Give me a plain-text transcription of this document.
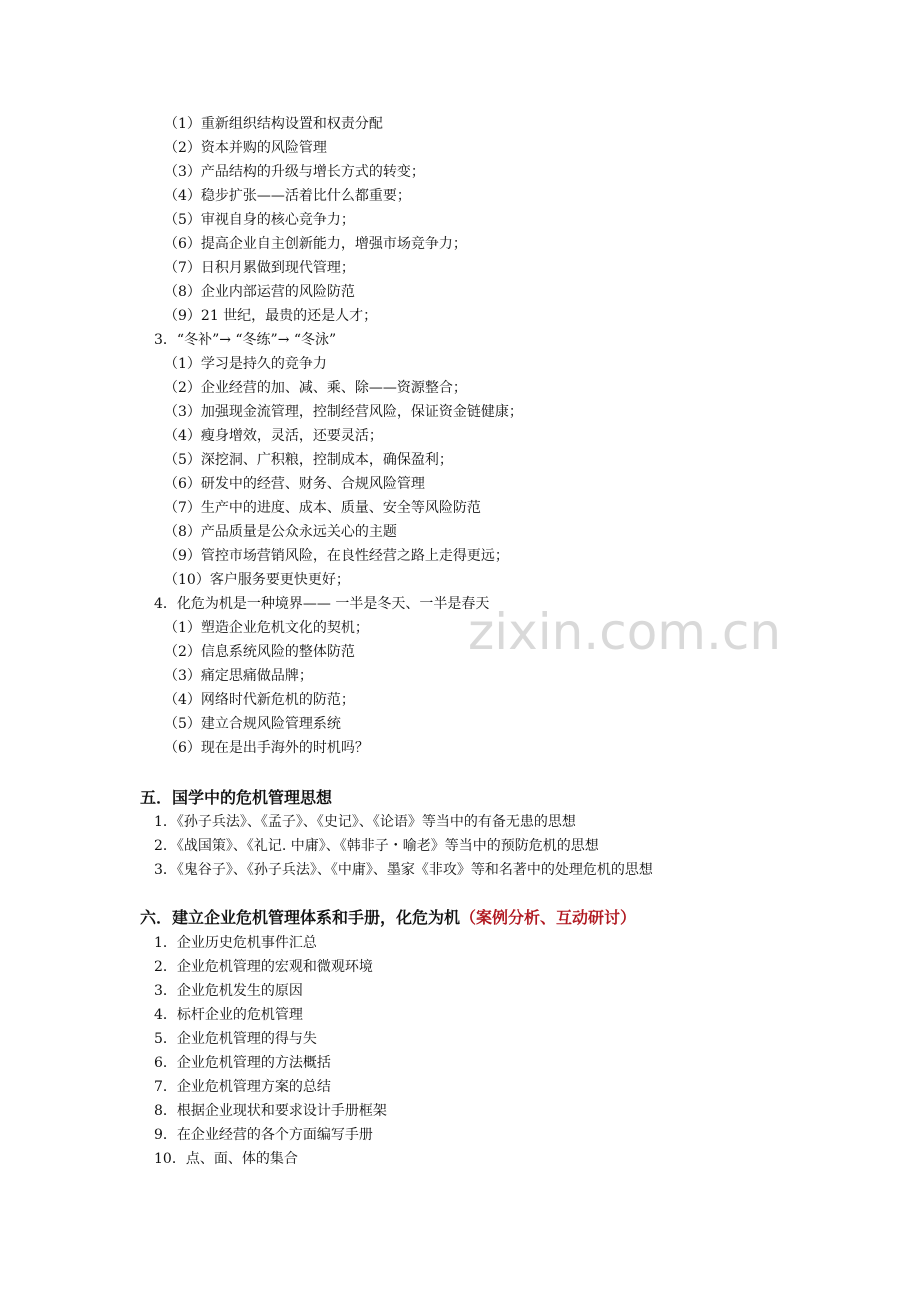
zixin.com.cn
（1）重新组织结构设置和权责分配
（2）资本并购的风险管理
（3）产品结构的升级与增长方式的转变；
（4）稳步扩张——活着比什么都重要；
（5）审视自身的核心竞争力；
（6）提高企业自主创新能力，增强市场竞争力；
（7）日积月累做到现代管理；
（8）企业内部运营的风险防范
（9）21 世纪，最贵的还是人才；
3．“冬补”→ “冬练”→ “冬泳”
（1）学习是持久的竞争力
（2）企业经营的加、减、乘、除——资源整合；
（3）加强现金流管理，控制经营风险，保证资金链健康；
（4）瘦身增效，灵活，还要灵活；
（5）深挖洞、广积粮，控制成本，确保盈利；
（6）研发中的经营、财务、合规风险管理
（7）生产中的进度、成本、质量、安全等风险防范
（8）产品质量是公众永远关心的主题
（9）管控市场营销风险，在良性经营之路上走得更远；
（10）客户服务要更快更好；
4．化危为机是一种境界—— 一半是冬天、一半是春天
（1）塑造企业危机文化的契机；
（2）信息系统风险的整体防范
（3）痛定思痛做品牌；
（4）网络时代新危机的防范；
（5）建立合规风险管理系统
（6）现在是出手海外的时机吗？
五．国学中的危机管理思想
1．《孙子兵法》、《孟子》、《史记》、《论语》等当中的有备无患的思想
2．《战国策》、《礼记. 中庸》、《韩非子・喻老》等当中的预防危机的思想
3．《鬼谷子》、《孙子兵法》、《中庸》、墨家《非攻》等和名著中的处理危机的思想
六．建立企业危机管理体系和手册，化危为机（案例分析、互动研讨）
1．企业历史危机事件汇总
2．企业危机管理的宏观和微观环境
3．企业危机发生的原因
4．标杆企业的危机管理
5．企业危机管理的得与失
6．企业危机管理的方法概括
7．企业危机管理方案的总结
8．根据企业现状和要求设计手册框架
9．在企业经营的各个方面编写手册
10．点、面、体的集合
